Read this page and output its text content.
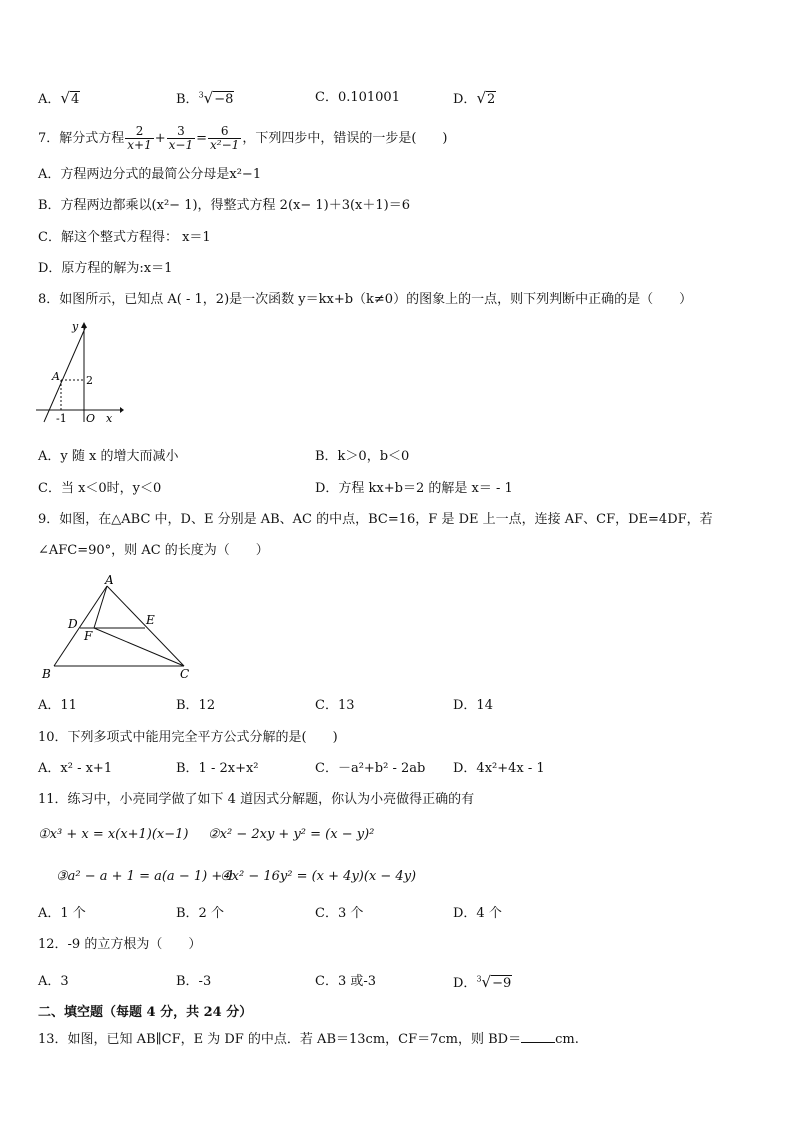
A．√4	B．$^3$√−8	C．0.101001	D．√2
7．解分式方程 $\frac{2}{x+1} + \frac{3}{x-1} = \frac{6}{\text{x²−1}}$ ，下列四步中，错误的一步是(　　)
A．方程两边分式的最简公分母是x²−1
B．方程两边都乘以(x²− 1)，得整式方程 2(x− 1)＋3(x＋1)＝6
C．解这个整式方程得： x＝1
D．原方程的解为:x＝1
8．如图所示，已知点 A( - 1，2)是一次函数 y＝kx+b（k≠0）的图象上的一点，则下列判断中正确的是（　　）
y
A 2
-1 O x
A．y 随 x 的增大而减小	B．k＞0，b＜0
C．当 x＜0时，y＜0	D．方程 kx+b＝2 的解是 x＝ - 1
9．如图，在△ABC 中，D、E 分别是 AB、AC 的中点，BC=16，F 是 DE 上一点，连接 AF、CF，DE=4DF，若
∠AFC=90°，则 AC 的长度为（　　）
A
D	E
F
B	C
A．11	B．12	C．13	D．14
10．下列多项式中能用完全平方公式分解的是(　　)
A．x² - x+1	B．1 - 2x+x²	C．－a²+b² - 2ab D．4x²+4x - 1
11．练习中，小亮同学做了如下 4 道因式分解题，你认为小亮做得正确的有
①x³ + x = x(x+1)(x−1) ②x² − 2xy + y² = (x − y)²
③a² − a + 1 = a(a − 1) + 1
④x² − 16y² = (x + 4y)(x − 4y)
A．1 个	B．2 个	C．3 个	D．4 个
12．-9 的立方根为（　　）
A．3	B．-3	C．3 或-3	D．$^3$√−9
二、填空题（每题 4 分，共 24 分）
13．如图，已知 AB∥CF，E 为 DF 的中点．若 AB＝13cm，CF＝7cm，则 BD＝	cm.
